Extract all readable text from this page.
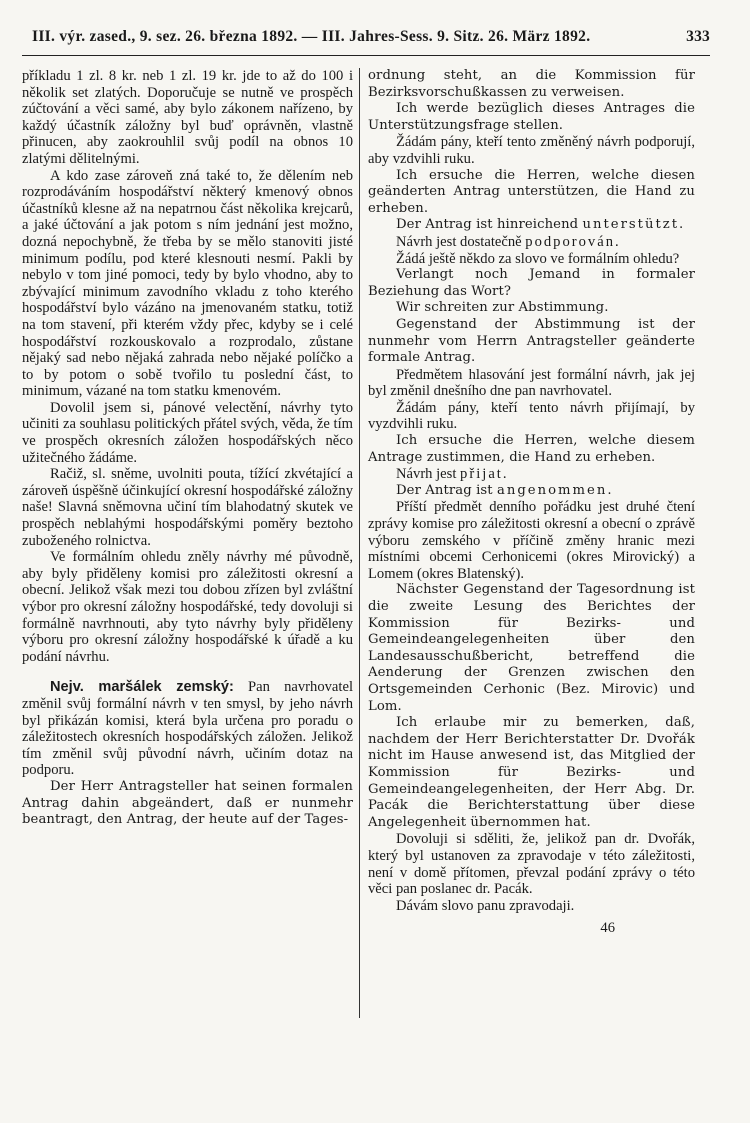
III. výr. zased., 9. sez. 26. března 1892. — III. Jahres-Sess. 9. Sitz. 26. März 1892.	333

příkladu 1 zl. 8 kr. neb 1 zl. 19 kr. jde to až do 100 i několik set zlatých. Doporučuje se nutně ve prospěch zúčtování a věci samé, aby bylo zákonem nařízeno, by každý účastník záložny byl buď oprávněn, vlastně přinucen, aby zaokrouhlil svůj podíl na obnos 10 zlatými dělitelnými.

A kdo zase zároveň zná také to, že dělením neb rozprodáváním hospodářství některý kmenový obnos účastníků klesne až na nepatrnou část několika krejcarů, a jaké účtování a jak potom s ním jednání jest možno, dozná nepochybně, že třeba by se mělo stanoviti jisté minimum podílu, pod které klesnouti nesmí. Pakli by nebylo v tom jiné pomoci, tedy by bylo vhodno, aby to zbývající minimum zavodního vkladu z toho kterého hospodářství bylo vázáno na jmenovaném statku, totiž na tom stavení, při kterém vždy přec, kdyby se i celé hospodářství rozkouskovalo a rozprodalo, zůstane nějaký sad nebo nějaká zahrada nebo nějaké políčko a to by potom o sobě tvořilo tu poslední část, to minimum, vázané na tom statku kmenovém.

Dovolil jsem si, pánové velectění, návrhy tyto učiniti za souhlasu politických přátel svých, věda, že tím ve prospěch okresních záložen hospodářských něco užitečného žádáme.

Račiž, sl. sněme, uvolniti pouta, tížící zkvétající a zároveň úspěšně účinkující okresní hospodářské záložny naše! Slavná sněmovna učiní tím blahodatný skutek ve prospěch neblahými hospodářskými poměry beztoho zuboženého rolnictva.

Ve formálním ohledu zněly návrhy mé původně, aby byly přiděleny komisi pro záležitosti okresní a obecní. Jelikož však mezi tou dobou zřízen byl zvláštní výbor pro okresní záložny hospodářské, tedy dovoluji si formálně navrhnouti, aby tyto návrhy byly přiděleny výboru pro okresní záložny hospodářské k úřadě a ku podání návrhu.

Nejv. maršálek zemský: Pan navrhovatel změnil svůj formální návrh v ten smysl, by jeho návrh byl přikázán komisi, která byla určena pro poradu o záležitostech okresních hospodářských záložen. Jelikož tím změnil svůj původní návrh, učiním dotaz na podporu.

Der Herr Antragsteller hat seinen formalen Antrag dahin abgeändert, daß er nunmehr beantragt, den Antrag, der heute auf der Tages-

ordnung steht, an die Kommission für Bezirksvorschußkassen zu verweisen.

Ich werde bezüglich dieses Antrages die Unterstützungsfrage stellen.

Žádám pány, kteří tento změněný návrh podporují, aby vzdvihli ruku.

Ich ersuche die Herren, welche diesen geänderten Antrag unterstützen, die Hand zu erheben.

Der Antrag ist hinreichend unterstützt.

Návrh jest dostatečně podporován.

Žádá ještě někdo za slovo ve formálním ohledu?

Verlangt noch Jemand in formaler Beziehung das Wort?

Wir schreiten zur Abstimmung.

Gegenstand der Abstimmung ist der nunmehr vom Herrn Antragsteller geänderte formale Antrag.

Předmětem hlasování jest formální návrh, jak jej byl změnil dnešního dne pan navrhovatel.

Žádám pány, kteří tento návrh přijímají, by vyzdvihli ruku.

Ich ersuche die Herren, welche diesem Antrage zustimmen, die Hand zu erheben.

Návrh jest přijat.

Der Antrag ist angenommen.

Příští předmět denního pořádku jest druhé čtení zprávy komise pro záležitosti okresní a obecní o zprávě výboru zemského v příčině změny hranic mezi místními obcemi Cerhonicemi (okres Mirovický) a Lomem (okres Blatenský).

Nächster Gegenstand der Tagesordnung ist die zweite Lesung des Berichtes der Kommission für Bezirks- und Gemeindeangelegenheiten über den Landesausschußbericht, betreffend die Aenderung der Grenzen zwischen den Ortsgemeinden Cerhonic (Bez. Mirovic) und Lom.

Ich erlaube mir zu bemerken, daß, nachdem der Herr Berichterstatter Dr. Dvořák nicht im Hause anwesend ist, das Mitglied der Kommission für Bezirks- und Gemeindeangelegenheiten, der Herr Abg. Dr. Pacák die Berichterstattung über diese Angelegenheit übernommen hat.

Dovoluji si sděliti, že, jelikož pan dr. Dvořák, který byl ustanoven za zpravodaje v této záležitosti, není v domě přítomen, převzal podání zprávy o této věci pan poslanec dr. Pacák.

Dávám slovo panu zpravodaji.

46
